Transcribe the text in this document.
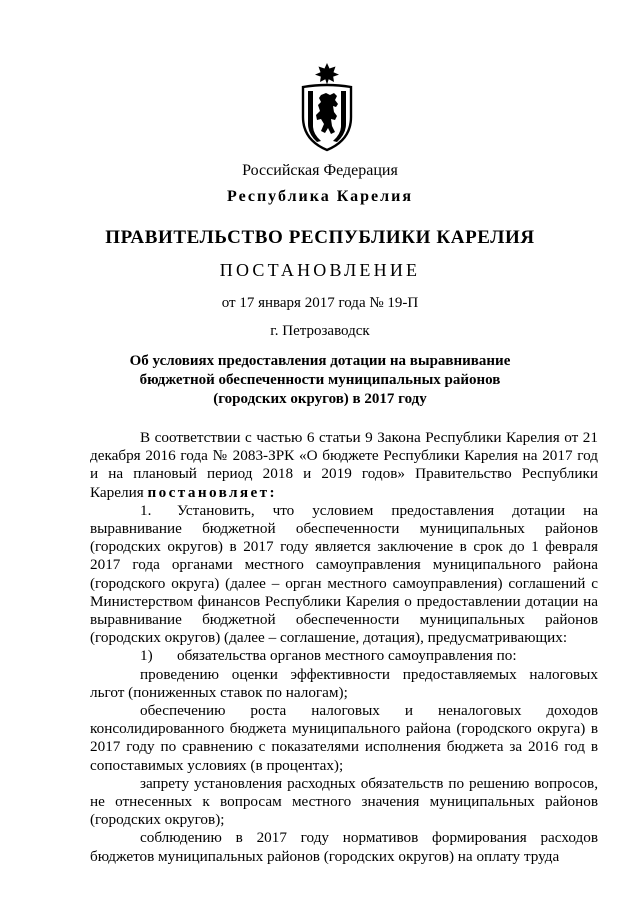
Российская Федерация
Республика Карелия
ПРАВИТЕЛЬСТВО РЕСПУБЛИКИ КАРЕЛИЯ
ПОСТАНОВЛЕНИЕ
от 17 января 2017 года № 19-П
г. Петрозаводск
Об условиях предоставления дотации на выравнивание
бюджетной обеспеченности муниципальных районов
(городских округов) в 2017 году

В соответствии с частью 6 статьи 9 Закона Республики Карелия от 21 декабря 2016 года № 2083-ЗРК «О бюджете Республики Карелия на 2017 год и на плановый период 2018 и 2019 годов» Правительство Республики Карелия постановляет:

1. Установить, что условием предоставления дотации на выравнивание бюджетной обеспеченности муниципальных районов (городских округов) в 2017 году является заключение в срок до 1 февраля 2017 года органами местного самоуправления муниципального района (городского округа) (далее – орган местного самоуправления) соглашений с Министерством финансов Республики Карелия о предоставлении дотации на выравнивание бюджетной обеспеченности муниципальных районов (городских округов) (далее – соглашение, дотация), предусматривающих:

1) обязательства органов местного самоуправления по:

проведению оценки эффективности предоставляемых налоговых льгот (пониженных ставок по налогам);

обеспечению роста налоговых и неналоговых доходов консолидированного бюджета муниципального района (городского округа) в 2017 году по сравнению с показателями исполнения бюджета за 2016 год в сопоставимых условиях (в процентах);

запрету установления расходных обязательств по решению вопросов, не отнесенных к вопросам местного значения муниципальных районов (городских округов);

соблюдению в 2017 году нормативов формирования расходов бюджетов муниципальных районов (городских округов) на оплату труда
